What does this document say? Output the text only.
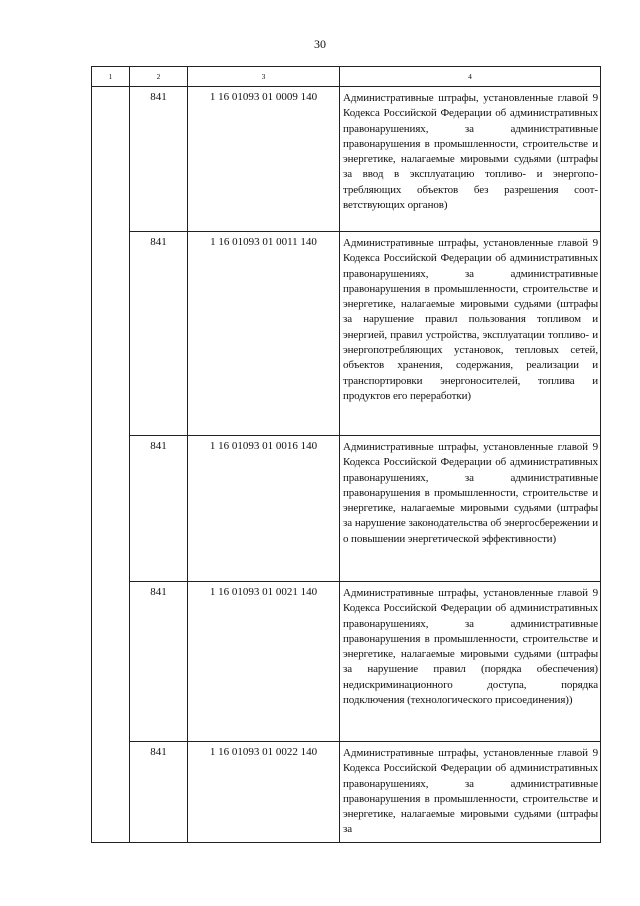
30
1	2	3	4
	841	1 16 01093 01 0009 140	Административные штрафы, установленные главой 9 Кодекса Российской Федерации об административных правонарушениях, за административные правонарушения в промышленности, строительстве и энергетике, налагаемые мировыми судьями (штрафы за ввод в эксплуатацию топливо- и энергопотребляющих объектов без разрешения соответствующих органов)
	841	1 16 01093 01 0011 140	Административные штрафы, установленные главой 9 Кодекса Российской Федерации об административных правонарушениях, за административные правонарушения в промышленности, строительстве и энергетике, налагаемые мировыми судьями (штрафы за нарушение правил пользования топливом и энергией, правил устройства, эксплуатации топливо- и энергопотребляющих установок, тепловых сетей, объектов хранения, содержания, реализации и транспортировки энергоносителей, топлива и продуктов его переработки)
	841	1 16 01093 01 0016 140	Административные штрафы, установленные главой 9 Кодекса Российской Федерации об административных правонарушениях, за административные правонарушения в промышленности, строительстве и энергетике, налагаемые мировыми судьями (штрафы за нарушение законодательства об энергосбережении и о повышении энергетической эффективности)
	841	1 16 01093 01 0021 140	Административные штрафы, установленные главой 9 Кодекса Российской Федерации об административных правонарушениях, за административные правонарушения в промышленности, строительстве и энергетике, налагаемые мировыми судьями (штрафы за нарушение правил (порядка обеспечения) недискриминационного доступа, порядка подключения (технологического присоединения))
	841	1 16 01093 01 0022 140	Административные штрафы, установленные главой 9 Кодекса Российской Федерации об административных правонарушениях, за административные правонарушения в промышленности, строительстве и энергетике, налагаемые мировыми судьями (штрафы за
